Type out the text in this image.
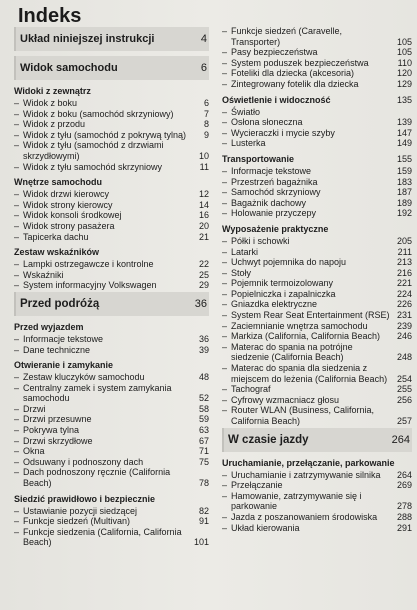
Indeks
Układ niniejszej instrukcji	4
Widok samochodu	6
Widoki z zewnątrz
– Widok z boku	6
– Widok z boku (samochód skrzyniowy)	7
– Widok z przodu	8
– Widok z tyłu (samochód z pokrywą tylną) 9
– Widok z tyłu (samochód z drzwiami skrzydłowymi)	10
– Widok z tyłu samochód skrzyniowy	11
Wnętrze samochodu
– Widok drzwi kierowcy	12
– Widok strony kierowcy	14
– Widok konsoli środkowej	16
– Widok strony pasażera	20
– Tapicerka dachu	21
Zestaw wskaźników
– Lampki ostrzegawcze i kontrolne	22
– Wskaźniki	25
– System informacyjny Volkswagen	29
Przed podróżą	36
Przed wyjazdem
– Informacje tekstowe	36
– Dane techniczne	39
Otwieranie i zamykanie
– Zestaw kluczyków samochodu	48
– Centralny zamek i system zamykania samochodu	52
– Drzwi	58
– Drzwi przesuwne	59
– Pokrywa tylna	63
– Drzwi skrzydłowe	67
– Okna	71
– Odsuwany i podnoszony dach	75
– Dach podnoszony ręcznie (California Beach)	78
Siedzić prawidłowo i bezpiecznie
– Ustawianie pozycji siedzącej	82
– Funkcje siedzeń (Multivan)	91
– Funkcje siedzenia (California, California Beach)	101
– Funkcje siedzeń (Caravelle, Transporter)	105
– Pasy bezpieczeństwa	105
– System poduszek bezpieczeństwa	110
– Foteliki dla dziecka (akcesoria)	120
– Zintegrowany fotelik dla dziecka	129
Oświetlenie i widoczność	135
– Światło
– Osłona słoneczna	139
– Wycieraczki i mycie szyby	147
– Lusterka	149
Transportowanie	155
– Informacje tekstowe	159
– Przestrzeń bagażnika	183
– Samochód skrzyniowy	187
– Bagażnik dachowy	189
– Holowanie przyczepy	192
Wyposażenie praktyczne
– Półki i schowki	205
– Latarki	211
– Uchwyt pojemnika do napoju	213
– Stoły	216
– Pojemnik termoizolowany	221
– Popielniczka i zapalniczka	224
– Gniazdka elektryczne	226
– System Rear Seat Entertainment (RSE) 231
– Zaciemnianie wnętrza samochodu	239
– Markiza (California, California Beach) 246
– Materac do spania na potrójne siedzenie (California Beach)	248
– Materac do spania dla siedzenia z miejscem do leżenia (California Beach) 254
– Tachograf	255
– Cyfrowy wzmacniacz głosu	256
– Router WLAN (Business, California, California Beach)	257
W czasie jazdy	264
Uruchamianie, przełączanie, parkowanie
– Uruchamianie i zatrzymywanie silnika 264
– Przełączanie	269
– Hamowanie, zatrzymywanie się i parkowanie	278
– Jazda z poszanowaniem środowiska 288
– Układ kierowania	291
